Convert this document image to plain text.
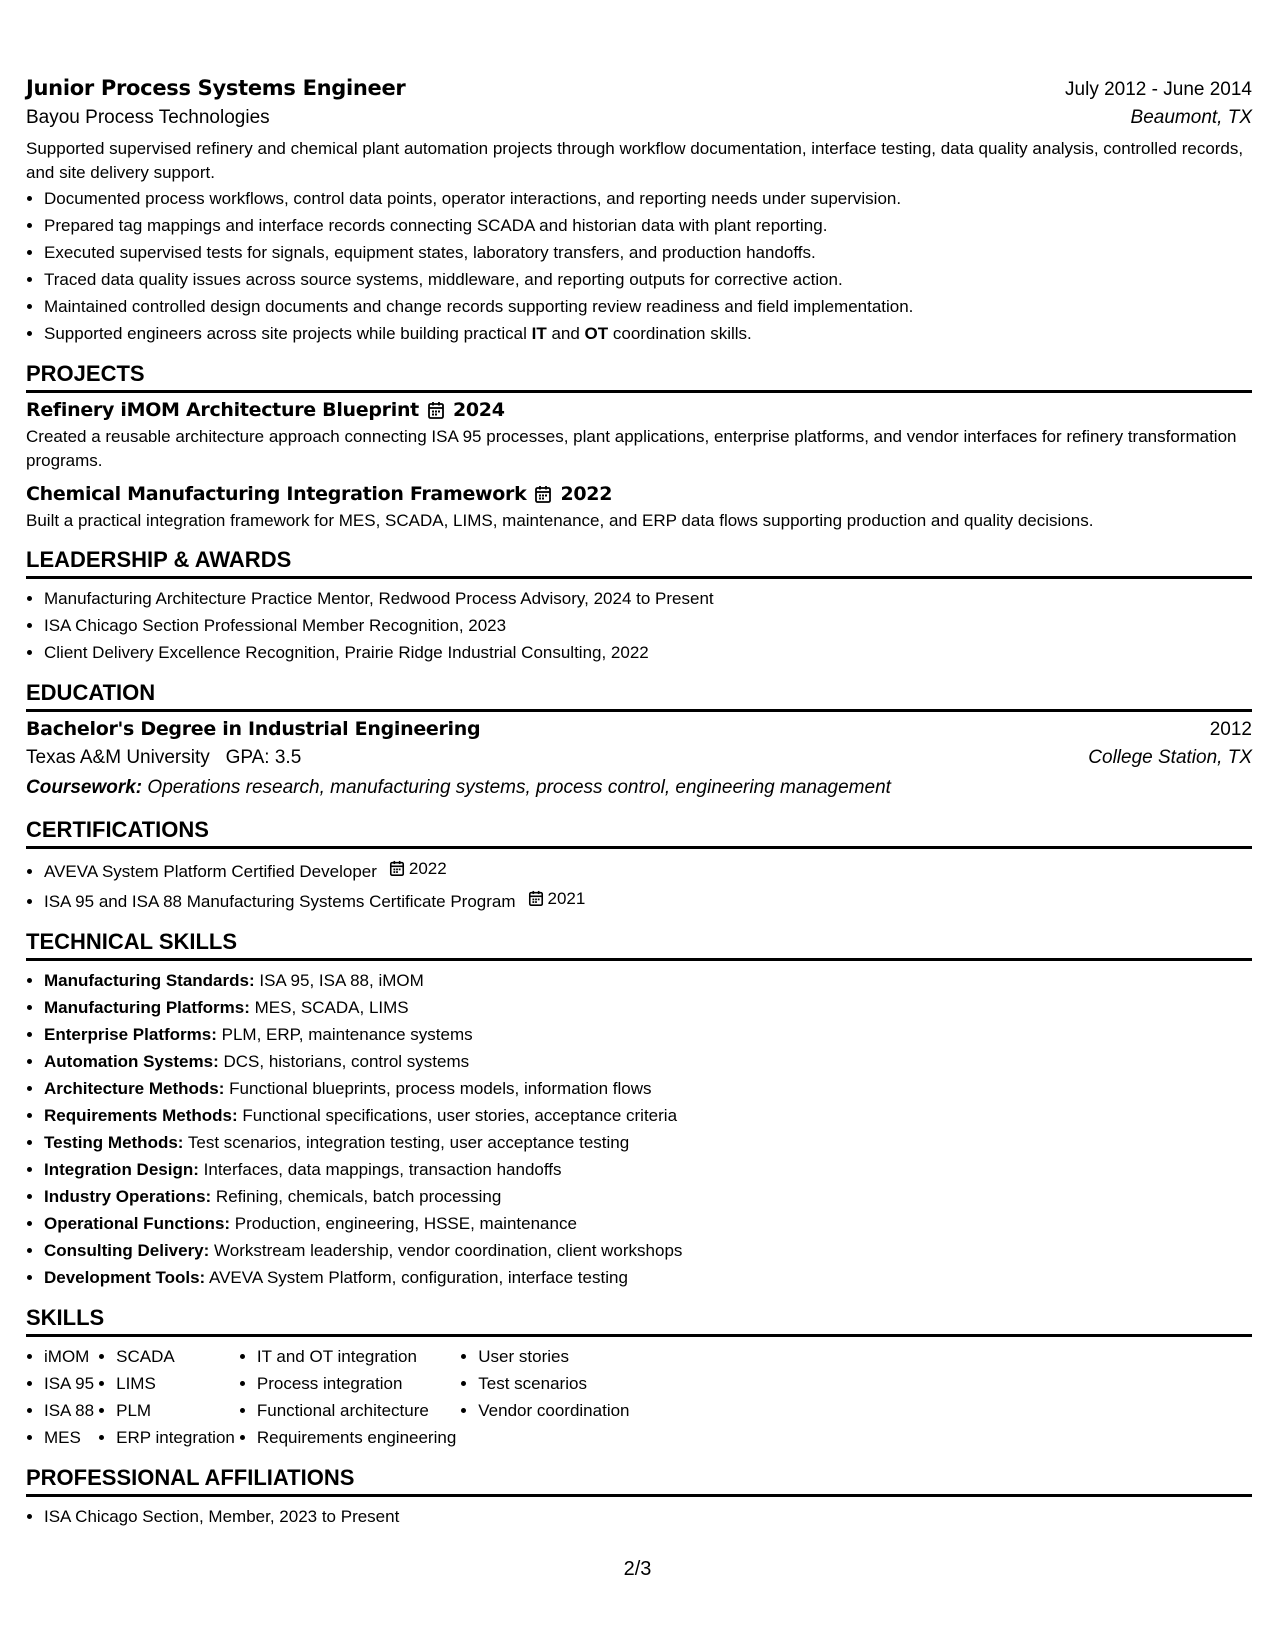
Junior Process Systems Engineer	July 2012 - June 2014
Bayou Process Technologies	Beaumont, TX
Supported supervised refinery and chemical plant automation projects through workflow documentation, interface testing, data quality analysis, controlled records, and site delivery support.
• Documented process workflows, control data points, operator interactions, and reporting needs under supervision.
• Prepared tag mappings and interface records connecting SCADA and historian data with plant reporting.
• Executed supervised tests for signals, equipment states, laboratory transfers, and production handoffs.
• Traced data quality issues across source systems, middleware, and reporting outputs for corrective action.
• Maintained controlled design documents and change records supporting review readiness and field implementation.
• Supported engineers across site projects while building practical IT and OT coordination skills.
PROJECTS
Refinery iMOM Architecture Blueprint 2024
Created a reusable architecture approach connecting ISA 95 processes, plant applications, enterprise platforms, and vendor interfaces for refinery transformation programs.
Chemical Manufacturing Integration Framework 2022
Built a practical integration framework for MES, SCADA, LIMS, maintenance, and ERP data flows supporting production and quality decisions.
LEADERSHIP & AWARDS
• Manufacturing Architecture Practice Mentor, Redwood Process Advisory, 2024 to Present
• ISA Chicago Section Professional Member Recognition, 2023
• Client Delivery Excellence Recognition, Prairie Ridge Industrial Consulting, 2022
EDUCATION
Bachelor's Degree in Industrial Engineering	2012
Texas A&M University GPA: 3.5	College Station, TX
Coursework: Operations research, manufacturing systems, process control, engineering management
CERTIFICATIONS
• AVEVA System Platform Certified Developer 2022
• ISA 95 and ISA 88 Manufacturing Systems Certificate Program 2021
TECHNICAL SKILLS
• Manufacturing Standards: ISA 95, ISA 88, iMOM
• Manufacturing Platforms: MES, SCADA, LIMS
• Enterprise Platforms: PLM, ERP, maintenance systems
• Automation Systems: DCS, historians, control systems
• Architecture Methods: Functional blueprints, process models, information flows
• Requirements Methods: Functional specifications, user stories, acceptance criteria
• Testing Methods: Test scenarios, integration testing, user acceptance testing
• Integration Design: Interfaces, data mappings, transaction handoffs
• Industry Operations: Refining, chemicals, batch processing
• Operational Functions: Production, engineering, HSSE, maintenance
• Consulting Delivery: Workstream leadership, vendor coordination, client workshops
• Development Tools: AVEVA System Platform, configuration, interface testing
SKILLS
• iMOM
• ISA 95
• ISA 88
• MES
• SCADA
• LIMS
• PLM
• ERP integration
• IT and OT integration
• Process integration
• Functional architecture
• Requirements engineering
• User stories
• Test scenarios
• Vendor coordination
PROFESSIONAL AFFILIATIONS
• ISA Chicago Section, Member, 2023 to Present
2/3
